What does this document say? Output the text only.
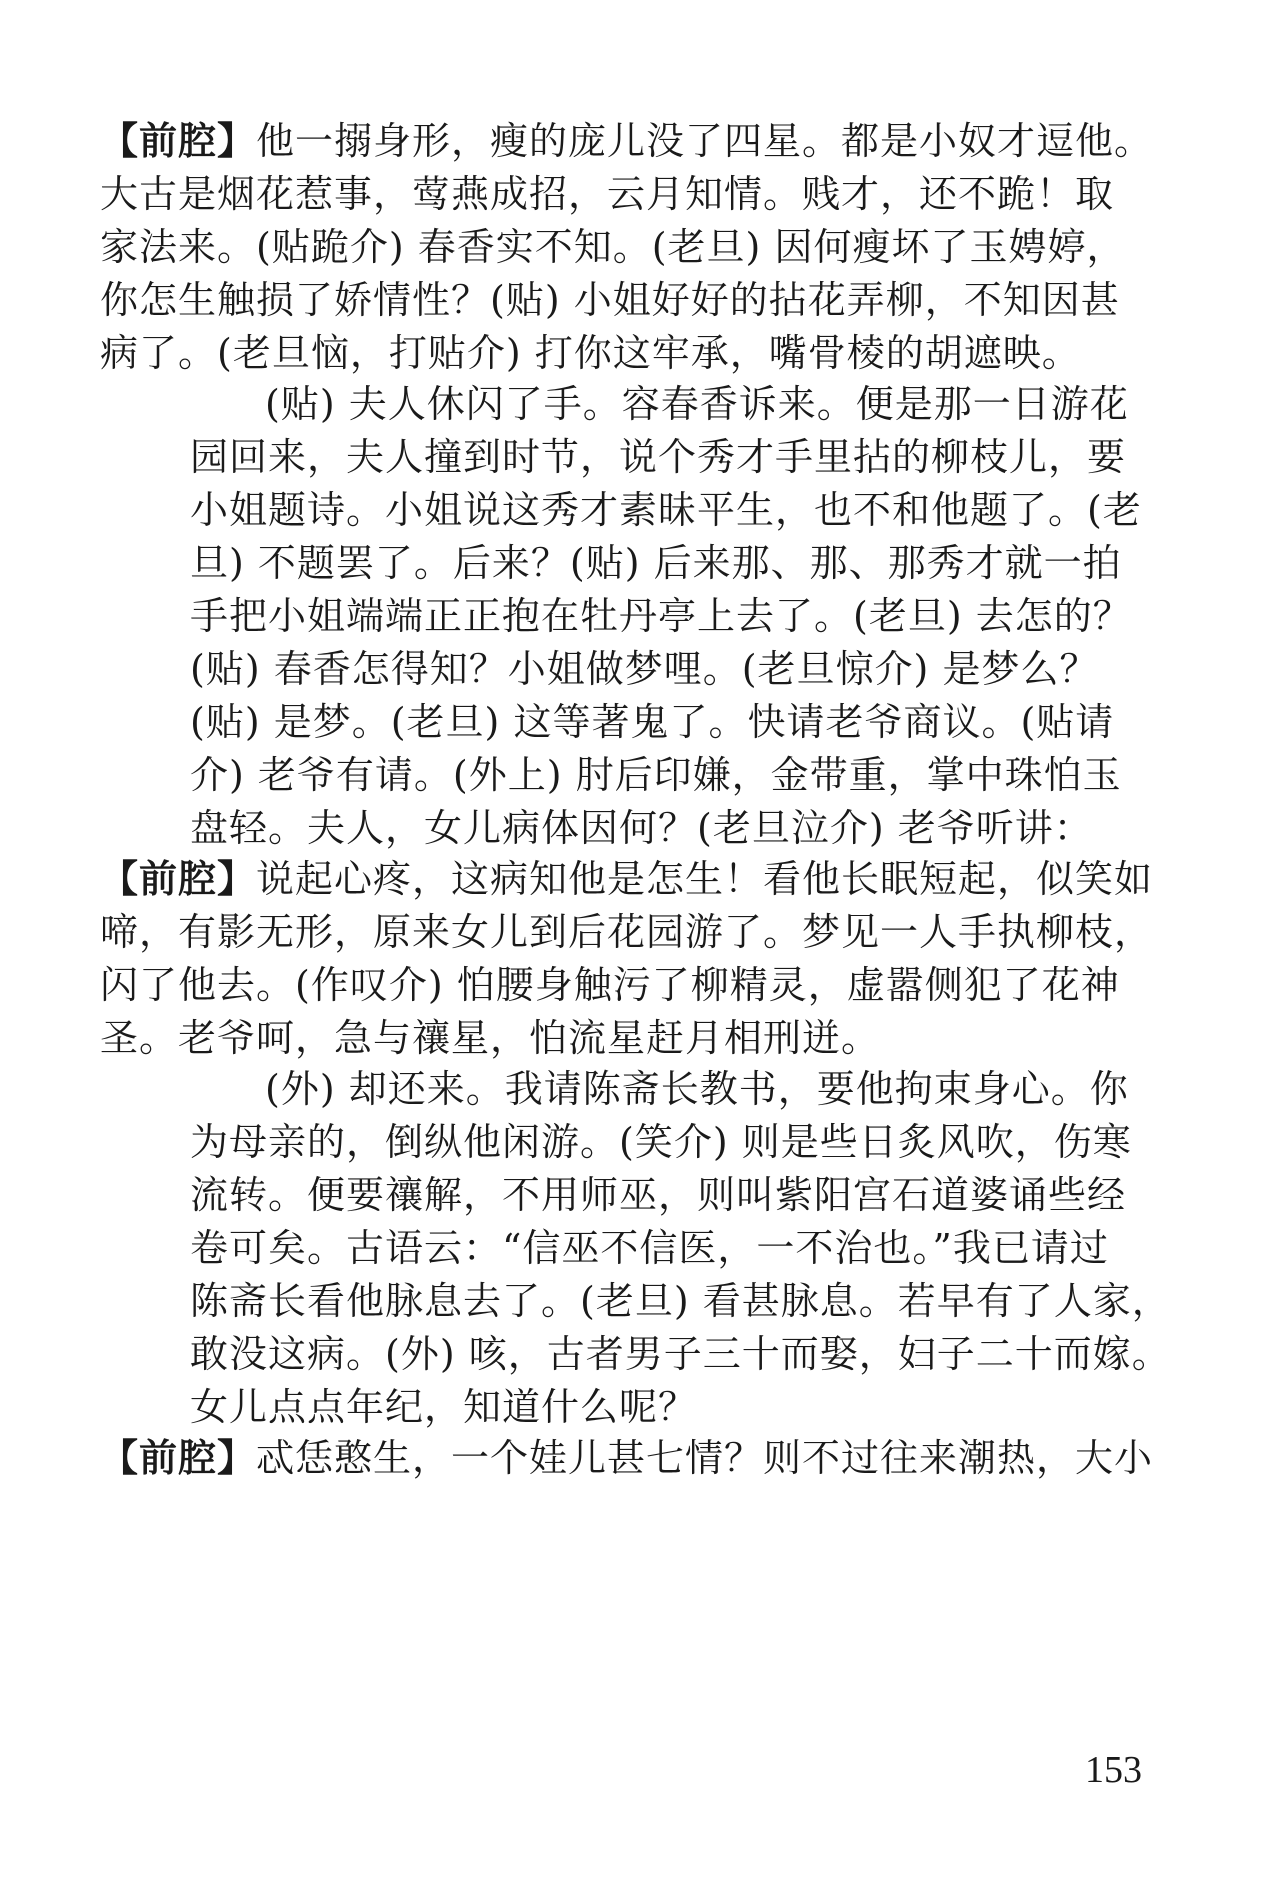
【前腔】他一搦身形，瘦的庞儿没了四星。都是小奴才逗他。
大古是烟花惹事，莺燕成招，云月知情。贱才，还不跪！取
家法来。(贴跪介) 春香实不知。(老旦) 因何瘦坏了玉娉婷，
你怎生触损了娇情性？(贴) 小姐好好的拈花弄柳，不知因甚
病了。(老旦恼，打贴介) 打你这牢承，嘴骨棱的胡遮映。
(贴) 夫人休闪了手。容春香诉来。便是那一日游花
园回来，夫人撞到时节，说个秀才手里拈的柳枝儿，要
小姐题诗。小姐说这秀才素昧平生，也不和他题了。(老
旦) 不题罢了。后来？(贴) 后来那、那、那秀才就一拍
手把小姐端端正正抱在牡丹亭上去了。(老旦) 去怎的？
(贴) 春香怎得知？小姐做梦哩。(老旦惊介) 是梦么？
(贴) 是梦。(老旦) 这等著鬼了。快请老爷商议。(贴请
介) 老爷有请。(外上) 肘后印嫌，金带重，掌中珠怕玉
盘轻。夫人，女儿病体因何？(老旦泣介) 老爷听讲：
【前腔】说起心疼，这病知他是怎生！看他长眠短起，似笑如
啼，有影无形，原来女儿到后花园游了。梦见一人手执柳枝，
闪了他去。(作叹介) 怕腰身触污了柳精灵，虚嚣侧犯了花神
圣。老爷呵，急与禳星，怕流星赶月相刑迸。
(外) 却还来。我请陈斋长教书，要他拘束身心。你
为母亲的，倒纵他闲游。(笑介) 则是些日炙风吹，伤寒
流转。便要禳解，不用师巫，则叫紫阳宫石道婆诵些经
卷可矣。古语云：“信巫不信医，一不治也。”我已请过
陈斋长看他脉息去了。(老旦) 看甚脉息。若早有了人家，
敢没这病。(外) 咳，古者男子三十而娶，妇子二十而嫁。
女儿点点年纪，知道什么呢？
【前腔】忒恁憨生，一个娃儿甚七情？则不过往来潮热，大小
153
